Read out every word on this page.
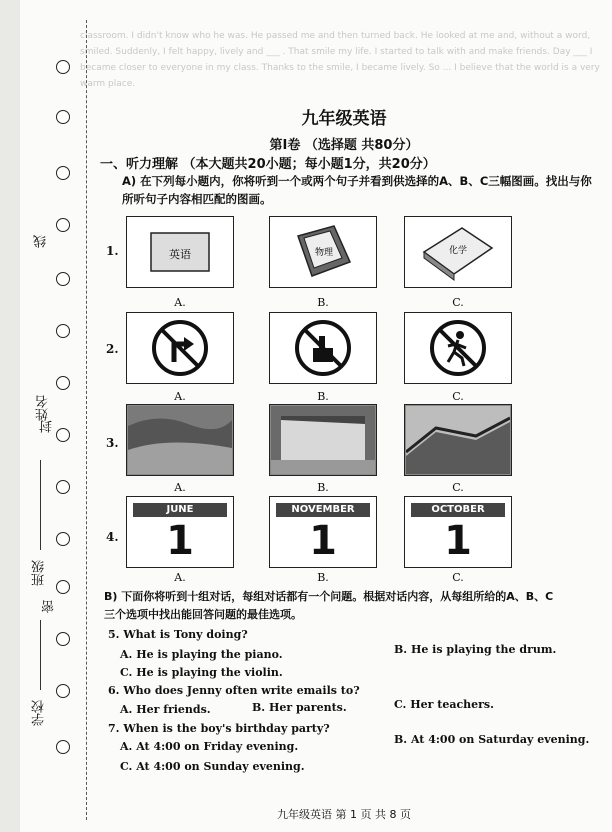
classroom. I didn't know who he was. He passed me and then turned back. He looked at me and, without a word, smiled. Suddenly, I felt happy, lively and ___ . That smile my life. I started to talk with and make friends. Day ___ I became closer to everyone in my class. Thanks to the smile, I became lively. So ... I believe that the world is a very warm place.
线
姓名
封
班级
密
学校
九年级英语
第Ⅰ卷 （选择题 共80分）
一、听力理解 （本大题共20小题；每小题1分，共20分）
A) 在下列每小题内，你将听到一个或两个句子并看到供选择的A、B、C三幅图画。找出与你所听句子内容相匹配的图画。
1.	英语	物理	化学
A.	B.	C.
2.
A.	B.	C.
3.
A.	B.	C.
4.
JUNE
1
NOVEMBER
1
OCTOBER
1
A.	B.	C.
B) 下面你将听到十组对话，每组对话都有一个问题。根据对话内容，从每组所给的A、B、C三个选项中找出能回答问题的最佳选项。
5. What is Tony doing?
A. He is playing the piano.	B. He is playing the drum.
C. He is playing the violin.
6. Who does Jenny often write emails to?
A. Her friends.	B. Her parents.	C. Her teachers.
7. When is the boy's birthday party?
A. At 4:00 on Friday evening.
B. At 4:00 on Saturday evening.
C. At 4:00 on Sunday evening.
九年级英语 第 1 页 共 8 页
